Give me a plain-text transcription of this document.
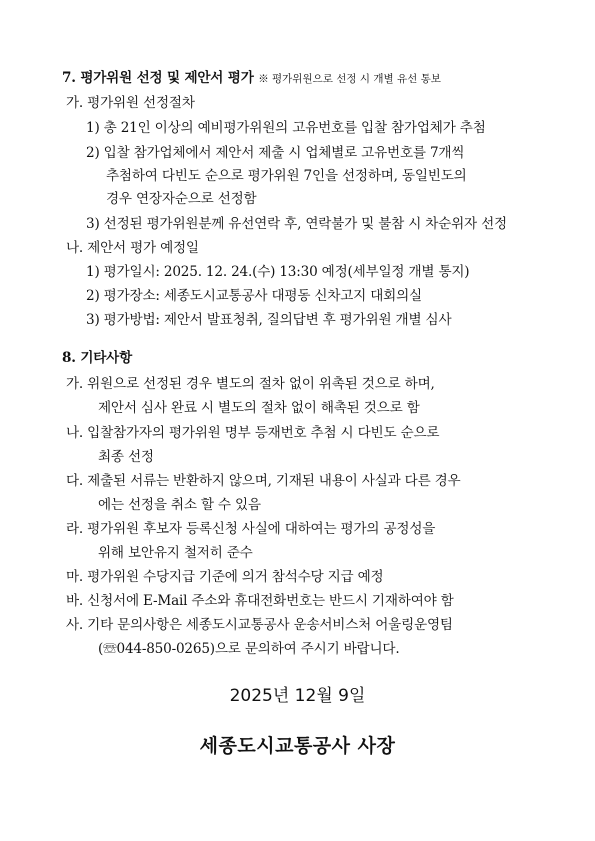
7. 평가위원 선정 및 제안서 평가 ※ 평가위원으로 선정 시 개별 유선 통보
가. 평가위원 선정절차
1) 총 21인 이상의 예비평가위원의 고유번호를 입찰 참가업체가 추첨
2) 입찰 참가업체에서 제안서 제출 시 업체별로 고유번호를 7개씩
추첨하여 다빈도 순으로 평가위원 7인을 선정하며, 동일빈도의
경우 연장자순으로 선정함
3) 선정된 평가위원분께 유선연락 후, 연락불가 및 불참 시 차순위자 선정
나. 제안서 평가 예정일
1) 평가일시: 2025. 12. 24.(수) 13:30 예정(세부일정 개별 통지)
2) 평가장소: 세종도시교통공사 대평동 신차고지 대회의실
3) 평가방법: 제안서 발표청취, 질의답변 후 평가위원 개별 심사
8. 기타사항
가. 위원으로 선정된 경우 별도의 절차 없이 위촉된 것으로 하며,
제안서 심사 완료 시 별도의 절차 없이 해촉된 것으로 함
나. 입찰참가자의 평가위원 명부 등재번호 추첨 시 다빈도 순으로
최종 선정
다. 제출된 서류는 반환하지 않으며, 기재된 내용이 사실과 다른 경우
에는 선정을 취소 할 수 있음
라. 평가위원 후보자 등록신청 사실에 대하여는 평가의 공정성을
위해 보안유지 철저히 준수
마. 평가위원 수당지급 기준에 의거 참석수당 지급 예정
바. 신청서에 E-Mail 주소와 휴대전화번호는 반드시 기재하여야 함
사. 기타 문의사항은 세종도시교통공사 운송서비스처 어울링운영팀
(☏044-850-0265)으로 문의하여 주시기 바랍니다.
2025년 12월 9일
세종도시교통공사 사장
